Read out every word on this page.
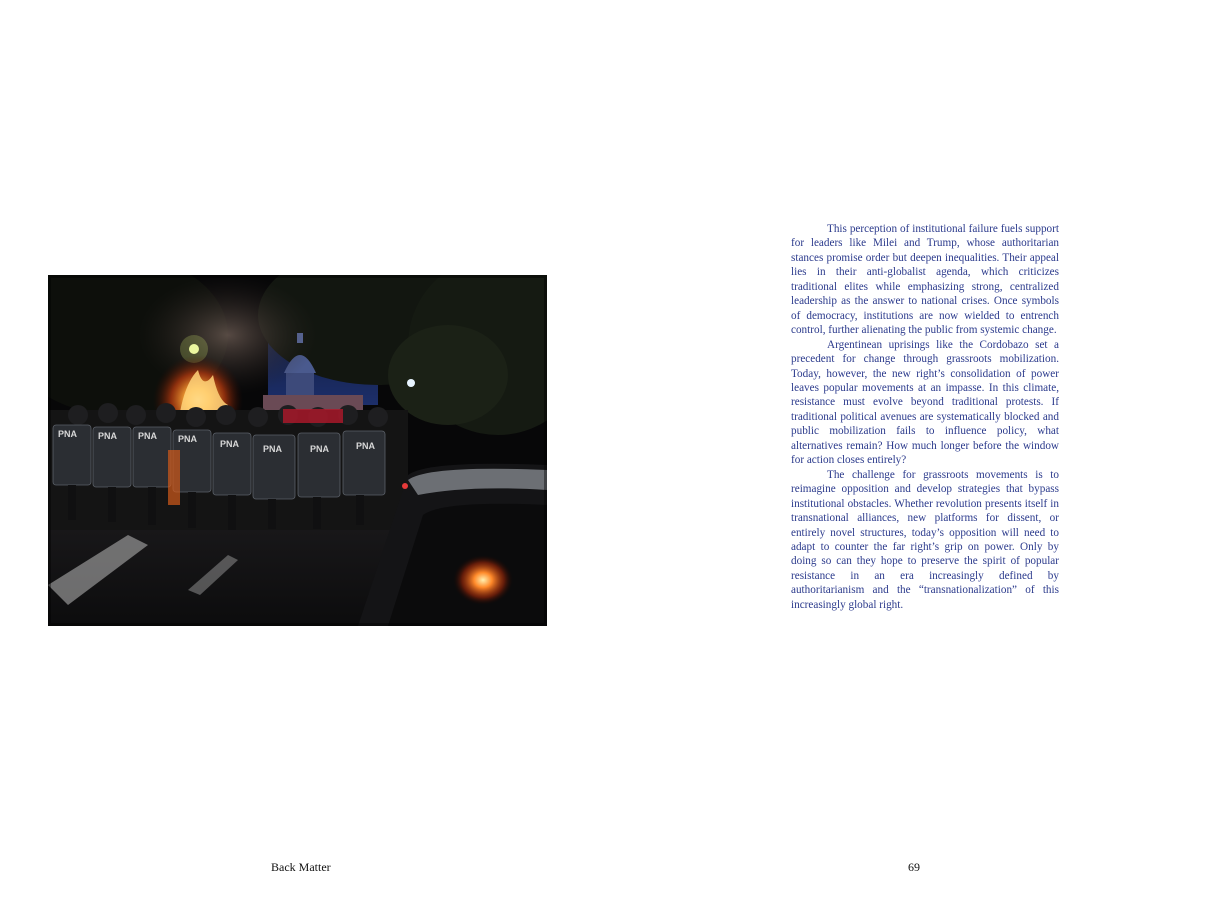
PNA PNA PNA PNA	PNA	PNA	PNA	PNA

This perception of institutional failure fuels support for leaders like Milei and Trump, whose authoritarian stances promise order but deepen inequalities. Their appeal lies in their anti-globalist agenda, which criticizes traditional elites while emphasizing strong, centralized leadership as the answer to national crises. Once symbols of democracy, institutions are now wielded to entrench control, further alienating the public from systemic change.

Argentinean uprisings like the Cordobazo set a precedent for change through grassroots mobilization. Today, however, the new right’s consolidation of power leaves popular movements at an impasse. In this climate, resistance must evolve beyond traditional protests. If traditional political avenues are systematically blocked and public mobilization fails to influence policy, what alternatives remain? How much longer before the window for action closes entirely?

The challenge for grassroots movements is to reimagine opposition and develop strategies that bypass institutional obstacles. Whether revolution presents itself in transnational alliances, new platforms for dissent, or entirely novel structures, today’s opposition will need to adapt to counter the far right’s grip on power. Only by doing so can they hope to preserve the spirit of popular resistance in an era increasingly defined by authoritarianism and the “transnationalization” of this increasingly global right.

Back Matter	69
